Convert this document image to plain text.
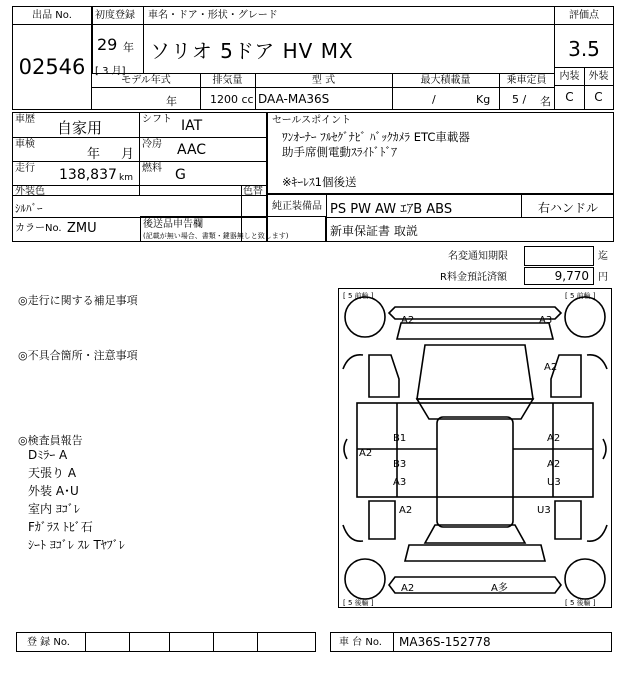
出品 No.
02546
初度登録
29 年
[ 3 月]
車名・ドア・形状・グレード
ソリオ 5ドア HV MX
評価点
3.5
内装 外装
C	C
モデル年式	排気量	型 式	最大積載量	乗車定員
年	1200 cc DAA-MA36S	/	Kg 5 / 名
車歴 自家用	シフト IAT
車検
年 月
冷房 AAC
走行 138,837 km
燃料 G
外装色
ｼﾙﾊﾞｰ
色替
カラーNo. ZMU	後送品申告欄
(記載が無い場合、書類・鍵器無しと致します)
セールスポイント
ﾜﾝｵｰﾅｰ ﾌﾙｾｸﾞﾅﾋﾞ ﾊﾞｯｸｶﾒﾗ ETC車載器
助手席側電動ｽﾗｲﾄﾞﾄﾞｱ
※ｷｰﾚｽ1個後送
純正装備品 PS PW AW ｴｱB ABS	右ハンドル
新車保証書 取説
名変通知期限	迄
R料金預託済額	9,770 円
◎走行に関する補足事項
◎不具合箇所・注意事項
◎検査員報告
Dﾐﾗｰ A
天張り A
外装 A･U
室内 ﾖｺﾞﾚ
Fｶﾞﾗｽ ﾄﾋﾞ石
ｼｰﾄ ﾖｺﾞﾚ ｽﾚ Tﾔﾌﾞﾚ
[ 5 前輪 ]	[ 5 前輪 ]
[ 5 後輪 ]	[ 5 後輪 ]
A2	A3
A2
A2
B1
B3
A3
A2
A2
U3
A2	U3
A2	A多
登 録 No.	車 台 No. MA36S-152778
